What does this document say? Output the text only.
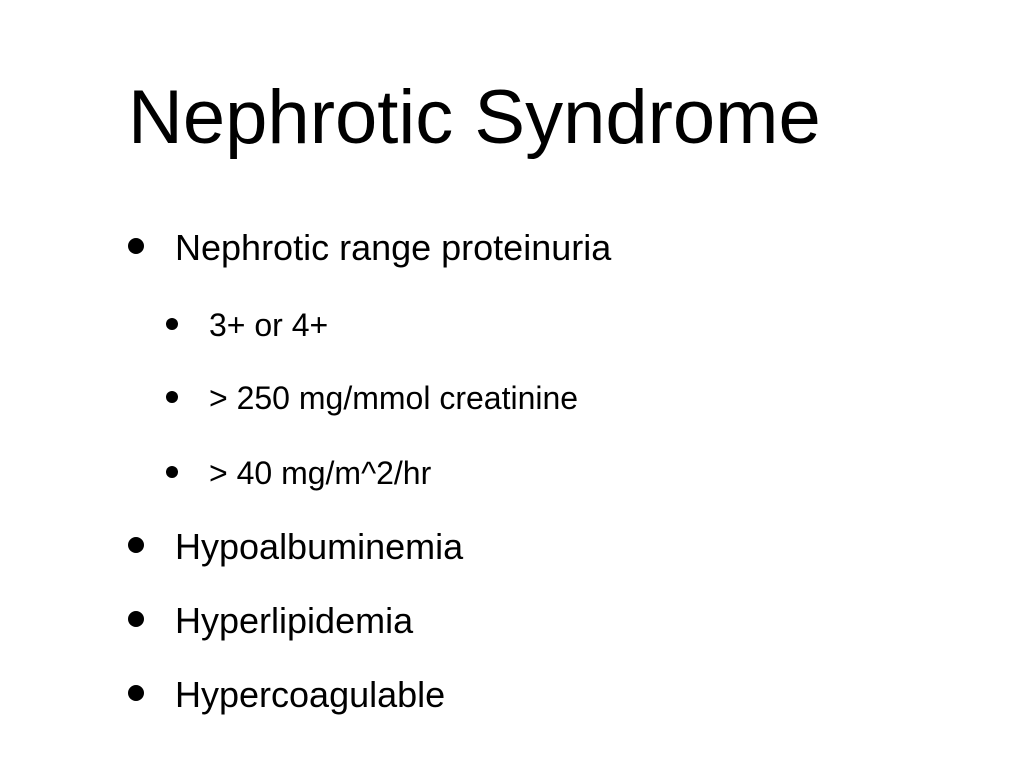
Nephrotic Syndrome
Nephrotic range proteinuria
3+ or 4+
> 250 mg/mmol creatinine
> 40 mg/m^2/hr
Hypoalbuminemia
Hyperlipidemia
Hypercoagulable
